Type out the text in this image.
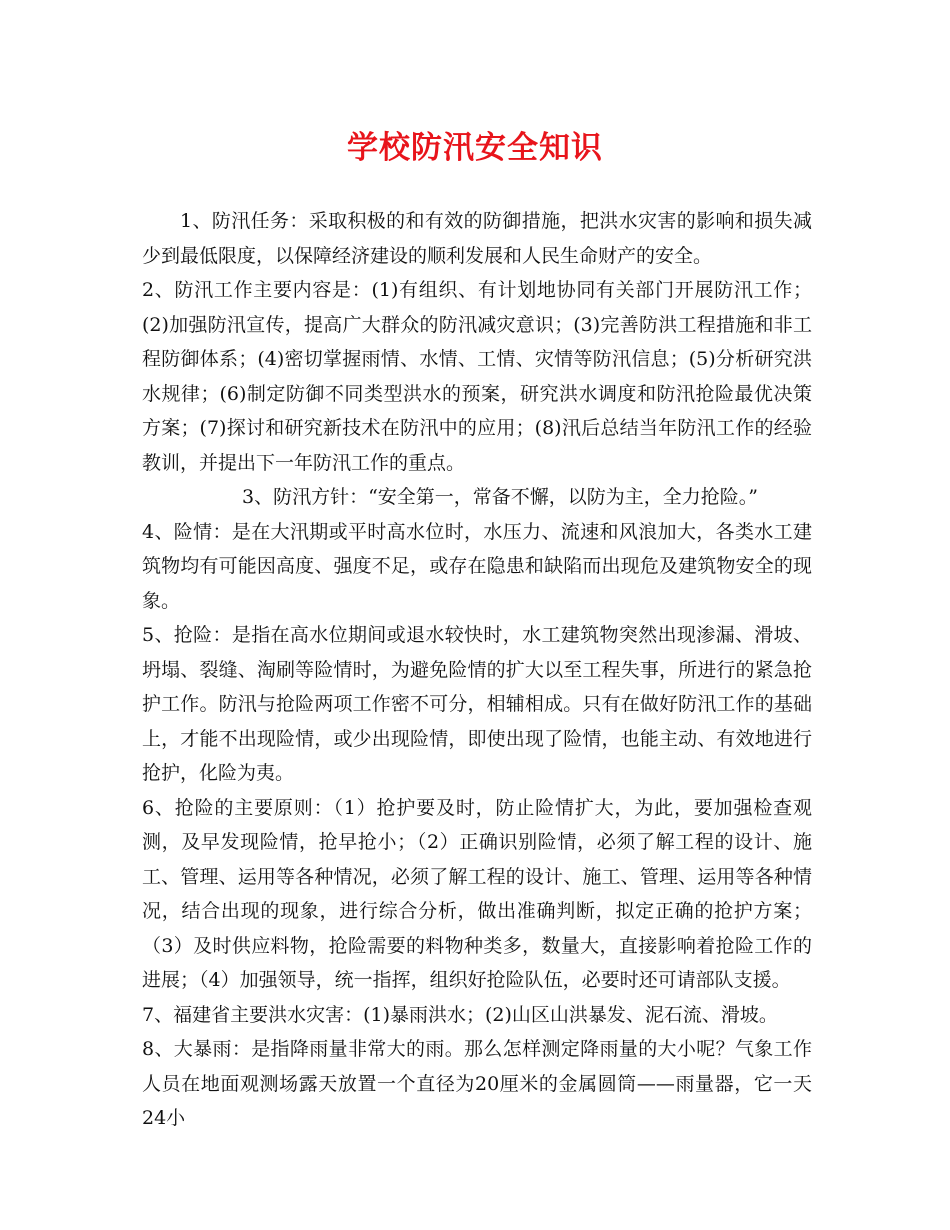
学校防汛安全知识

1、防汛任务：采取积极的和有效的防御措施，把洪水灾害的影响和损失减少到最低限度，以保障经济建设的顺利发展和人民生命财产的安全。

2、防汛工作主要内容是：(1)有组织、有计划地协同有关部门开展防汛工作；(2)加强防汛宣传，提高广大群众的防汛减灾意识；(3)完善防洪工程措施和非工程防御体系；(4)密切掌握雨情、水情、工情、灾情等防汛信息；(5)分析研究洪水规律；(6)制定防御不同类型洪水的预案，研究洪水调度和防汛抢险最优决策方案；(7)探讨和研究新技术在防汛中的应用；(8)汛后总结当年防汛工作的经验教训，并提出下一年防汛工作的重点。

3、防汛方针：“安全第一，常备不懈，以防为主，全力抢险。”

4、险情：是在大汛期或平时高水位时，水压力、流速和风浪加大，各类水工建筑物均有可能因高度、强度不足，或存在隐患和缺陷而出现危及建筑物安全的现象。

5、抢险：是指在高水位期间或退水较快时，水工建筑物突然出现渗漏、滑坡、坍塌、裂缝、淘刷等险情时，为避免险情的扩大以至工程失事，所进行的紧急抢护工作。防汛与抢险两项工作密不可分，相辅相成。只有在做好防汛工作的基础上，才能不出现险情，或少出现险情，即使出现了险情，也能主动、有效地进行抢护，化险为夷。

6、抢险的主要原则：（1）抢护要及时，防止险情扩大，为此，要加强检查观测，及早发现险情，抢早抢小；（2）正确识别险情，必须了解工程的设计、施工、管理、运用等各种情况，必须了解工程的设计、施工、管理、运用等各种情况，结合出现的现象，进行综合分析，做出准确判断，拟定正确的抢护方案；（3）及时供应料物，抢险需要的料物种类多，数量大，直接影响着抢险工作的进展；（4）加强领导，统一指挥，组织好抢险队伍，必要时还可请部队支援。

7、福建省主要洪水灾害：(1)暴雨洪水；(2)山区山洪暴发、泥石流、滑坡。

8、大暴雨：是指降雨量非常大的雨。那么怎样测定降雨量的大小呢？气象工作人员在地面观测场露天放置一个直径为20厘米的金属圆筒——雨量器，它一天24小
